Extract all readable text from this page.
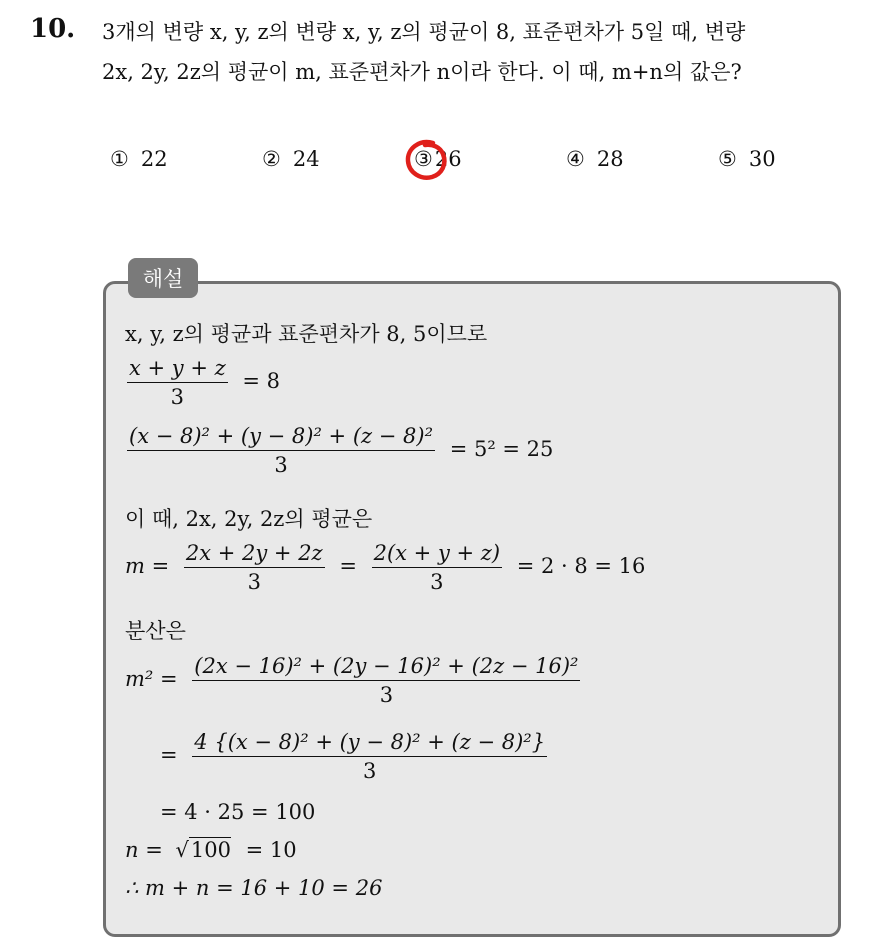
10. 3개의 변량 x, y, z의 변량 x, y, z의 평균이 8, 표준편차가 5일 때, 변량
2x, 2y, 2z의 평균이 m, 표준편차가 n이라 한다. 이 때, m+n의 값은?
① 22	② 24	③ 26	④ 28	⑤ 30
해설
x, y, z의 평균과 표준편차가 8, 5이므로
$\frac{x + y + z}{3} = 8$
$\frac{\text{(x − 8)² + (y − 8)² + (z − 8)²}}{3} = 5^2 = 25$
이 때, 2x, 2y, 2z의 평균은
$m = \frac{2x + 2y + 2z}{3} = \frac{2(x + y + z)}{3} = 2 \cdot 8 = 16$
분산은
$m^2 = \frac{\text{(2x − 16)² + (2y − 16)² + (2z − 16)²}}{3}$
= $\frac{\text{4 \{(x − 8)² + (y − 8)² + (z − 8)²\}}}{3}$
= 4 · 25 = 100
n = √100 = 10
∴ m + n = 16 + 10 = 26
